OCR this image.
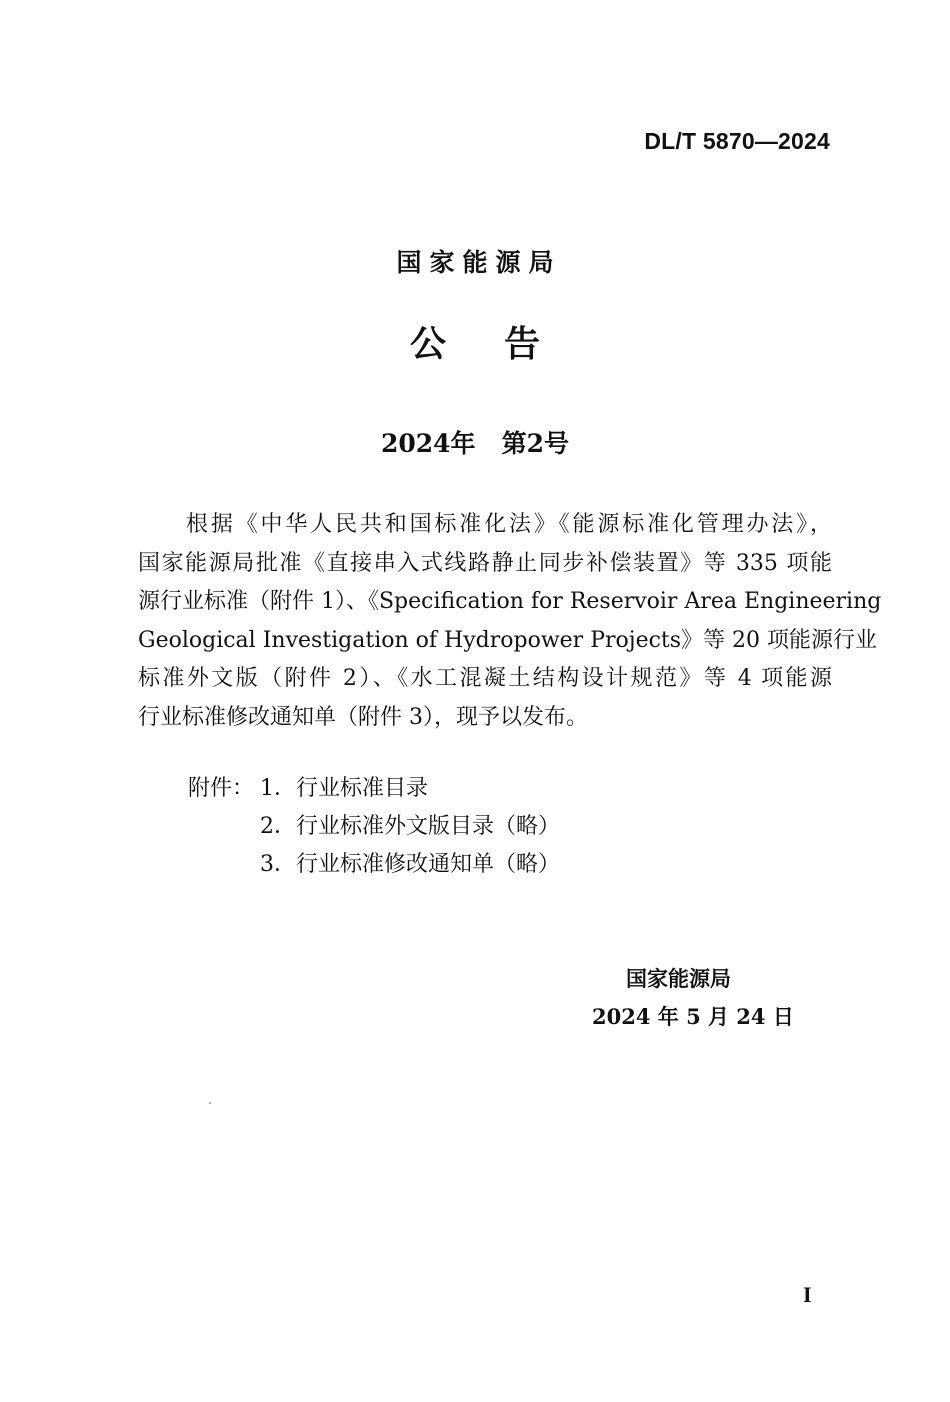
DL/T 5870—2024
国家能源局
公告
2024年 第2号
根据《中华人民共和国标准化法》《能源标准化管理办法》，
国家能源局批准《直接串入式线路静止同步补偿装置》等 335 项能
源行业标准（附件 1）、《Specification for Reservoir Area Engineering
Geological Investigation of Hydropower Projects》等 20 项能源行业
标准外文版（附件 2）、《水工混凝土结构设计规范》等 4 项能源
行业标准修改通知单（附件 3），现予以发布。
附件： 1．行业标准目录
2．行业标准外文版目录（略）
3．行业标准修改通知单（略）
国家能源局
2024 年 5 月 24 日
I
